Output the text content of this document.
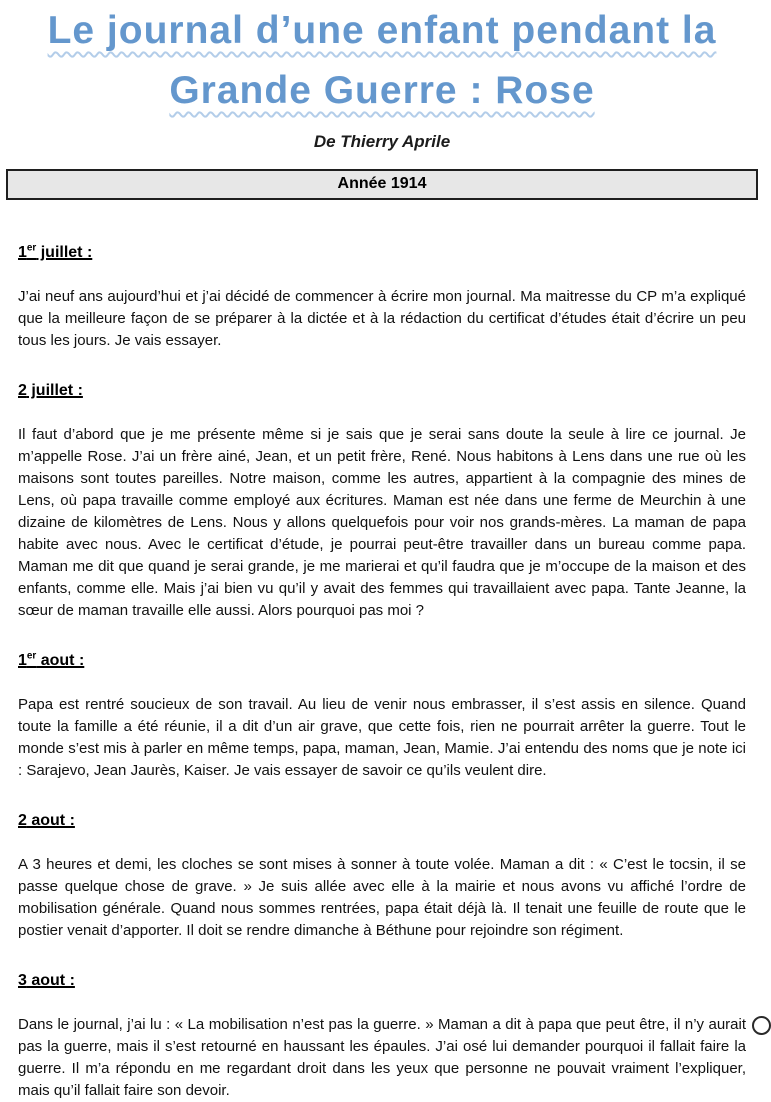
Le journal d’une enfant pendant la
Grande Guerre : Rose
De Thierry Aprile
Année 1914
1er juillet :

J’ai neuf ans aujourd’hui et j’ai décidé de commencer à écrire mon journal. Ma maitresse du CP m’a expliqué que la meilleure façon de se préparer à la dictée et à la rédaction du certificat d’études était d’écrire un peu tous les jours. Je vais essayer.

2 juillet :

Il faut d’abord que je me présente même si je sais que je serai sans doute la seule à lire ce journal. Je m’appelle Rose. J’ai un frère ainé, Jean, et un petit frère, René. Nous habitons à Lens dans une rue où les maisons sont toutes pareilles. Notre maison, comme les autres, appartient à la compagnie des mines de Lens, où papa travaille comme employé aux écritures. Maman est née dans une ferme de Meurchin à une dizaine de kilomètres de Lens. Nous y allons quelquefois pour voir nos grands-mères. La maman de papa habite avec nous. Avec le certificat d’étude, je pourrai peut-être travailler dans un bureau comme papa. Maman me dit que quand je serai grande, je me marierai et qu’il faudra que je m’occupe de la maison et des enfants, comme elle. Mais j’ai bien vu qu’il y avait des femmes qui travaillaient avec papa. Tante Jeanne, la sœur de maman travaille elle aussi. Alors pourquoi pas moi ?

1er aout :

Papa est rentré soucieux de son travail. Au lieu de venir nous embrasser, il s’est assis en silence. Quand toute la famille a été réunie, il a dit d’un air grave, que cette fois, rien ne pourrait arrêter la guerre. Tout le monde s’est mis à parler en même temps, papa, maman, Jean, Mamie. J’ai entendu des noms que je note ici : Sarajevo, Jean Jaurès, Kaiser. Je vais essayer de savoir ce qu’ils veulent dire.

2 aout :

A 3 heures et demi, les cloches se sont mises à sonner à toute volée. Maman a dit : « C’est le tocsin, il se passe quelque chose de grave. » Je suis allée avec elle à la mairie et nous avons vu affiché l’ordre de mobilisation générale. Quand nous sommes rentrées, papa était déjà là. Il tenait une feuille de route que le postier venait d’apporter. Il doit se rendre dimanche à Béthune pour rejoindre son régiment.

3 aout :

Dans le journal, j’ai lu : « La mobilisation n’est pas la guerre. » Maman a dit à papa que peut être, il n’y aurait pas la guerre, mais il s’est retourné en haussant les épaules. J’ai osé lui demander pourquoi il fallait faire la guerre. Il m’a répondu en me regardant droit dans les yeux que personne ne pouvait vraiment l’expliquer, mais qu’il fallait faire son devoir.
